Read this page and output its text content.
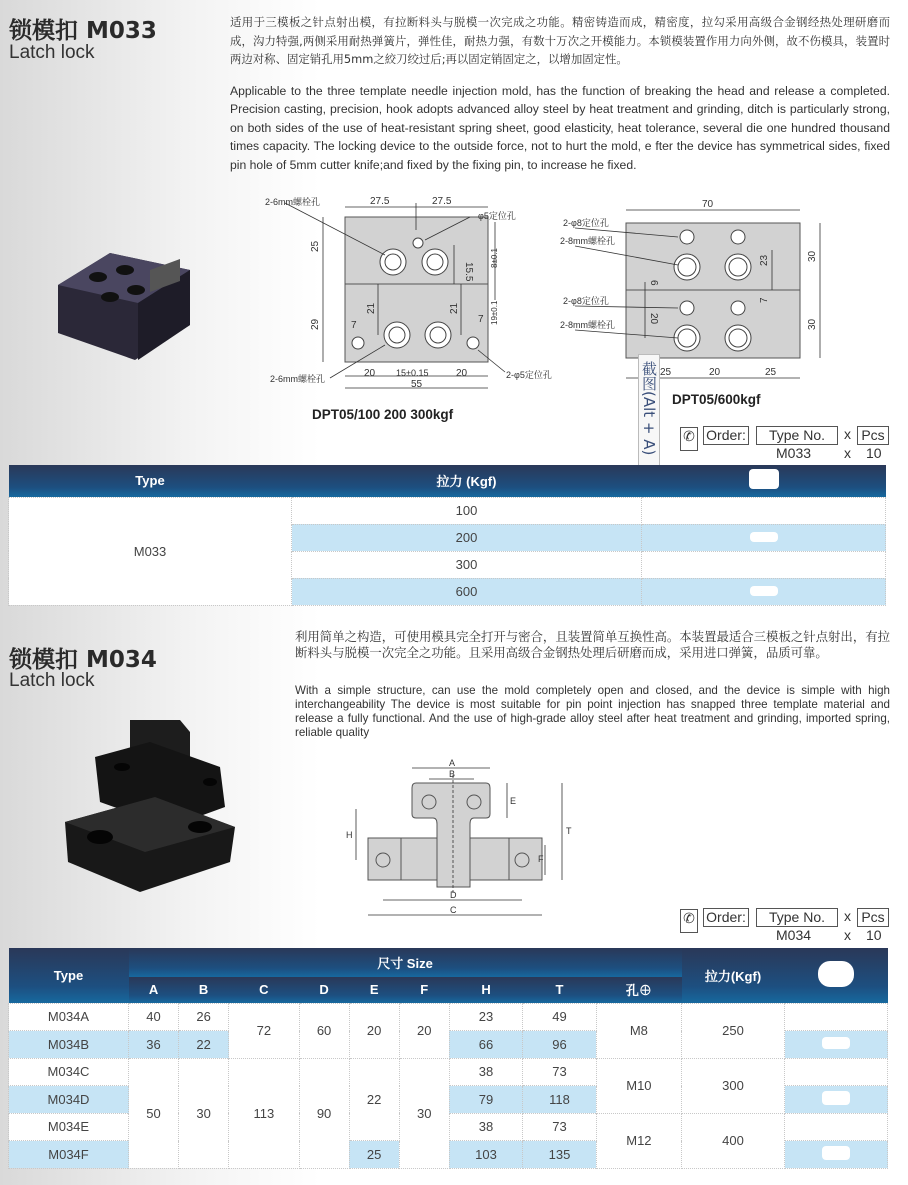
锁模扣 M033
Latch lock
适用于三模板之针点射出模，有拉断料头与脱模一次完成之功能。精密铸造而成，精密度，拉勾采用高级合金钢经热处理研磨而成，沟力特强,两侧采用耐热弹簧片，弹性佳，耐热力强，有数十万次之开模能力。本锁模装置作用力向外侧，故不伤模具，装置时两边对称、固定销孔用5mm之絞刀绞过后;再以固定销固定之，以增加固定性。
Applicable to the three template needle injection mold, has the function of breaking the head and release a completed. Precision casting, precision, hook adopts advanced alloy steel by heat treatment and grinding, ditch is particularly strong, on both sides of the use of heat-resistant spring sheet, good elasticity, heat tolerance, several die one hundred thousand times capacity. The locking device to the outside force, not to hurt the mold, e fter the device has symmetrical sides, fixed pin hole of 5mm cutter knife;and fixed by the fixing pin, to increase he fixed.
27.5	27.5
2-6mm螺栓孔
φ5定位孔
25
29
15.5
8±0.1
19±0.1
21	21
7
7
2-6mm螺栓孔	2-φ5定位孔
20 15±0.15	20
55
DPT05/100 200 300kgf
70
2-φ8定位孔
2-8mm螺栓孔
2-φ8定位孔
2-8mm螺栓孔
30
30
23
6
7
20
25	20	25
DPT05/600kgf
截图(Alt + A) ✆ Order:	Type No.	x Pcs
M033 x 10
Type	拉力 (Kgf)	
M033	100	
	200	
	300	
	600	
锁模扣 M034
Latch lock
利用简单之构造，可使用模具完全打开与密合，且装置简单互换性高。本装置最适合三模板之针点射出，有拉断料头与脱模一次完全之功能。且采用高级合金钢热处理后研磨而成，采用进口弹簧，品质可靠。
With a simple structure, can use the mold completely open and closed, and the device is simple with high interchangeability The device is most suitable for pin point injection has snapped three template material and release a fully functional. And the use of high-grade alloy steel after heat treatment and grinding, imported spring, reliable quality
A
B
E
H	T
F
D
C	✆ Order:	Type No.	x Pcs
M034 x 10
Type	尺寸 Size									拉力(Kgf)	
	A	B	C	D	E	F	H	T	孔⊕		
M034A	40	26	72	60	20	20	23	49	M8	250	
M034B	36	22					66	96			
M034C	50	30	113	90	22	30	38	73	M10	300	
M034D							79	118			
M034E							38	73	M12	400	
M034F					25		103	135			
